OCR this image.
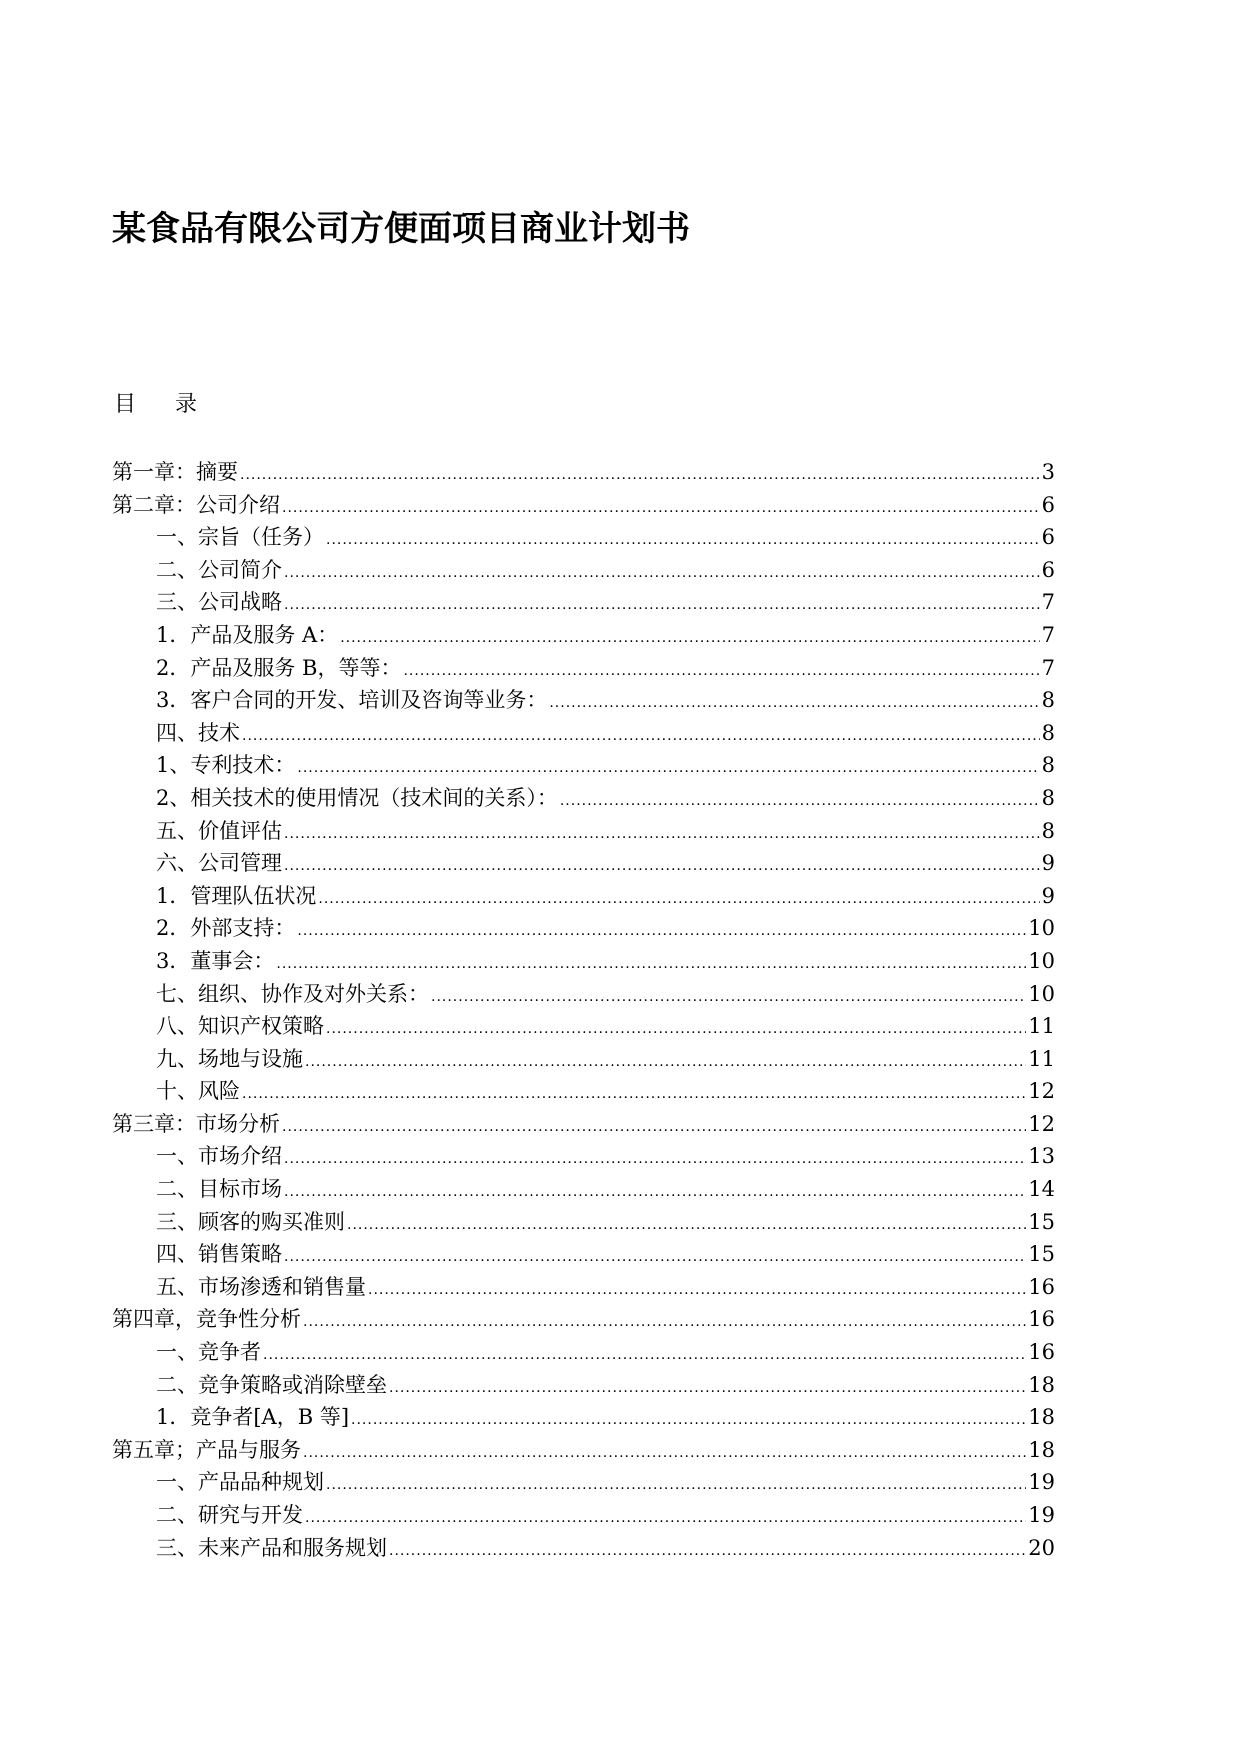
某食品有限公司方便面项目商业计划书
目 录
第一章：摘要 .....	3
第二章：公司介绍 .....	6
一、宗旨（任务） .....	6
二、公司简介 .....	6
三、公司战略 .....	7
1．产品及服务 A： .....	7
2．产品及服务 B，等等： .....	7
3．客户合同的开发、培训及咨询等业务： .....	8
四、技术 .....	8
1、专利技术： .....	8
2、相关技术的使用情况（技术间的关系）： .....	8
五、价值评估 .....	8
六、公司管理 .....	9
1．管理队伍状况 .....	9
2．外部支持： .....	10
3．董事会： .....	10
七、组织、协作及对外关系： .....	10
八、知识产权策略 .....	11
九、场地与设施 .....	11
十、风险 .....	12
第三章：市场分析 .....	12
一、市场介绍 .....	13
二、目标市场 .....	14
三、顾客的购买准则 .....	15
四、销售策略 .....	15
五、市场渗透和销售量 .....	16
第四章，竞争性分析 .....	16
一、竞争者 .....	16
二、竞争策略或消除壁垒 .....	18
1．竞争者[A，B 等] .....	18
第五章；产品与服务 .....	18
一、产品品种规划 .....	19
二、研究与开发 .....	19
三、未来产品和服务规划 .....	20
